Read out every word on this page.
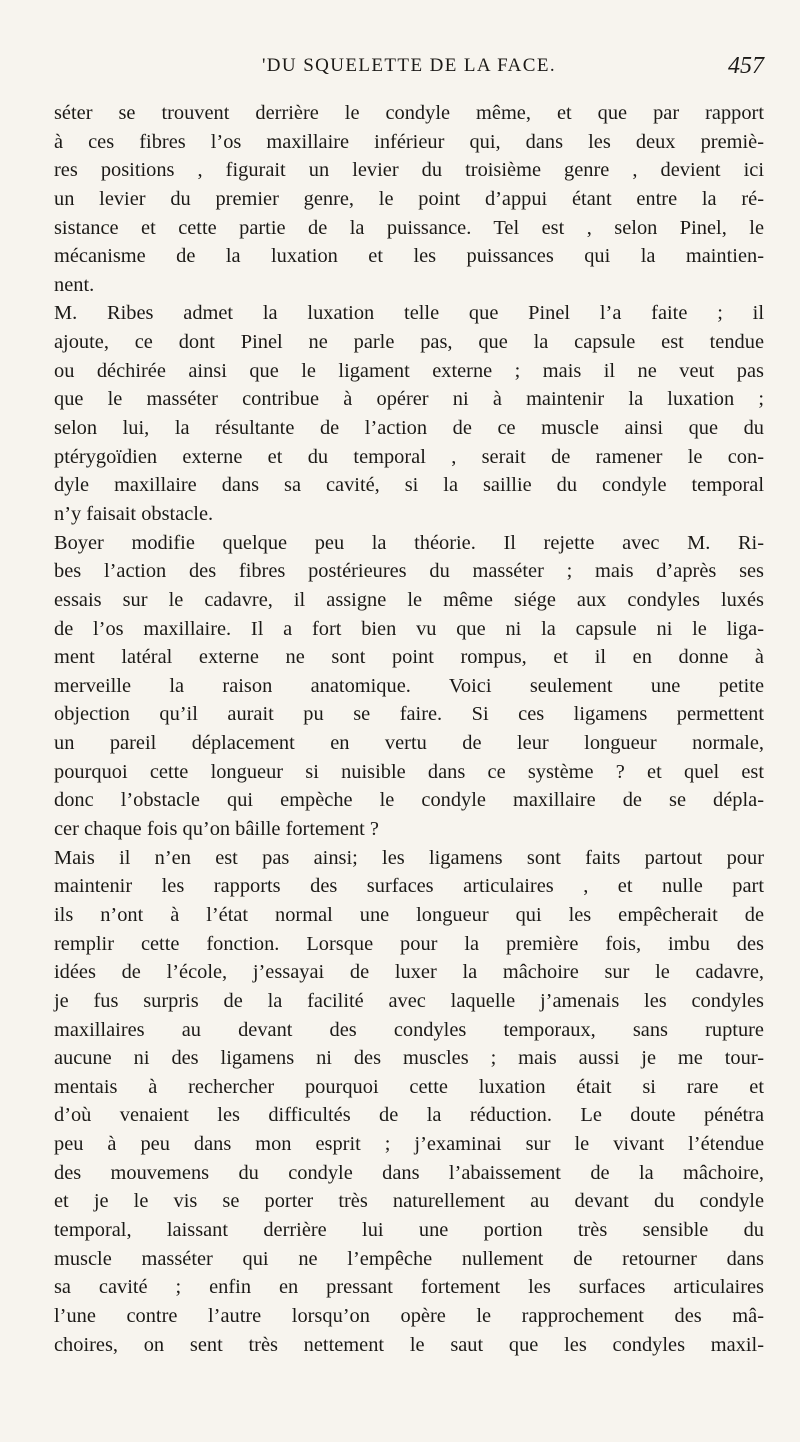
'DU SQUELETTE DE LA FACE.	457
séter se trouvent derrière le condyle même, et que par rapport
à ces fibres l’os maxillaire inférieur qui, dans les deux premiè-
res positions , figurait un levier du troisième genre , devient ici
un levier du premier genre, le point d’appui étant entre la ré-
sistance et cette partie de la puissance. Tel est , selon Pinel, le
mécanisme de la luxation et les puissances qui la maintien-
nent.
M. Ribes admet la luxation telle que Pinel l’a faite ; il
ajoute, ce dont Pinel ne parle pas, que la capsule est tendue
ou déchirée ainsi que le ligament externe ; mais il ne veut pas
que le masséter contribue à opérer ni à maintenir la luxation ;
selon lui, la résultante de l’action de ce muscle ainsi que du
ptérygoïdien externe et du temporal , serait de ramener le con-
dyle maxillaire dans sa cavité, si la saillie du condyle temporal
n’y faisait obstacle.
Boyer modifie quelque peu la théorie. Il rejette avec M. Ri-
bes l’action des fibres postérieures du masséter ; mais d’après ses
essais sur le cadavre, il assigne le même siége aux condyles luxés
de l’os maxillaire. Il a fort bien vu que ni la capsule ni le liga-
ment latéral externe ne sont point rompus, et il en donne à
merveille la raison anatomique. Voici seulement une petite
objection qu’il aurait pu se faire. Si ces ligamens permettent
un pareil déplacement en vertu de leur longueur normale,
pourquoi cette longueur si nuisible dans ce système ? et quel est
donc l’obstacle qui empèche le condyle maxillaire de se dépla-
cer chaque fois qu’on bâille fortement ?
Mais il n’en est pas ainsi; les ligamens sont faits partout pour
maintenir les rapports des surfaces articulaires , et nulle part
ils n’ont à l’état normal une longueur qui les empêcherait de
remplir cette fonction. Lorsque pour la première fois, imbu des
idées de l’école, j’essayai de luxer la mâchoire sur le cadavre,
je fus surpris de la facilité avec laquelle j’amenais les condyles
maxillaires au devant des condyles temporaux, sans rupture
aucune ni des ligamens ni des muscles ; mais aussi je me tour-
mentais à rechercher pourquoi cette luxation était si rare et
d’où venaient les difficultés de la réduction. Le doute pénétra
peu à peu dans mon esprit ; j’examinai sur le vivant l’étendue
des mouvemens du condyle dans l’abaissement de la mâchoire,
et je le vis se porter très naturellement au devant du condyle
temporal, laissant derrière lui une portion très sensible du
muscle masséter qui ne l’empêche nullement de retourner dans
sa cavité ; enfin en pressant fortement les surfaces articulaires
l’une contre l’autre lorsqu’on opère le rapprochement des mâ-
choires, on sent très nettement le saut que les condyles maxil-
